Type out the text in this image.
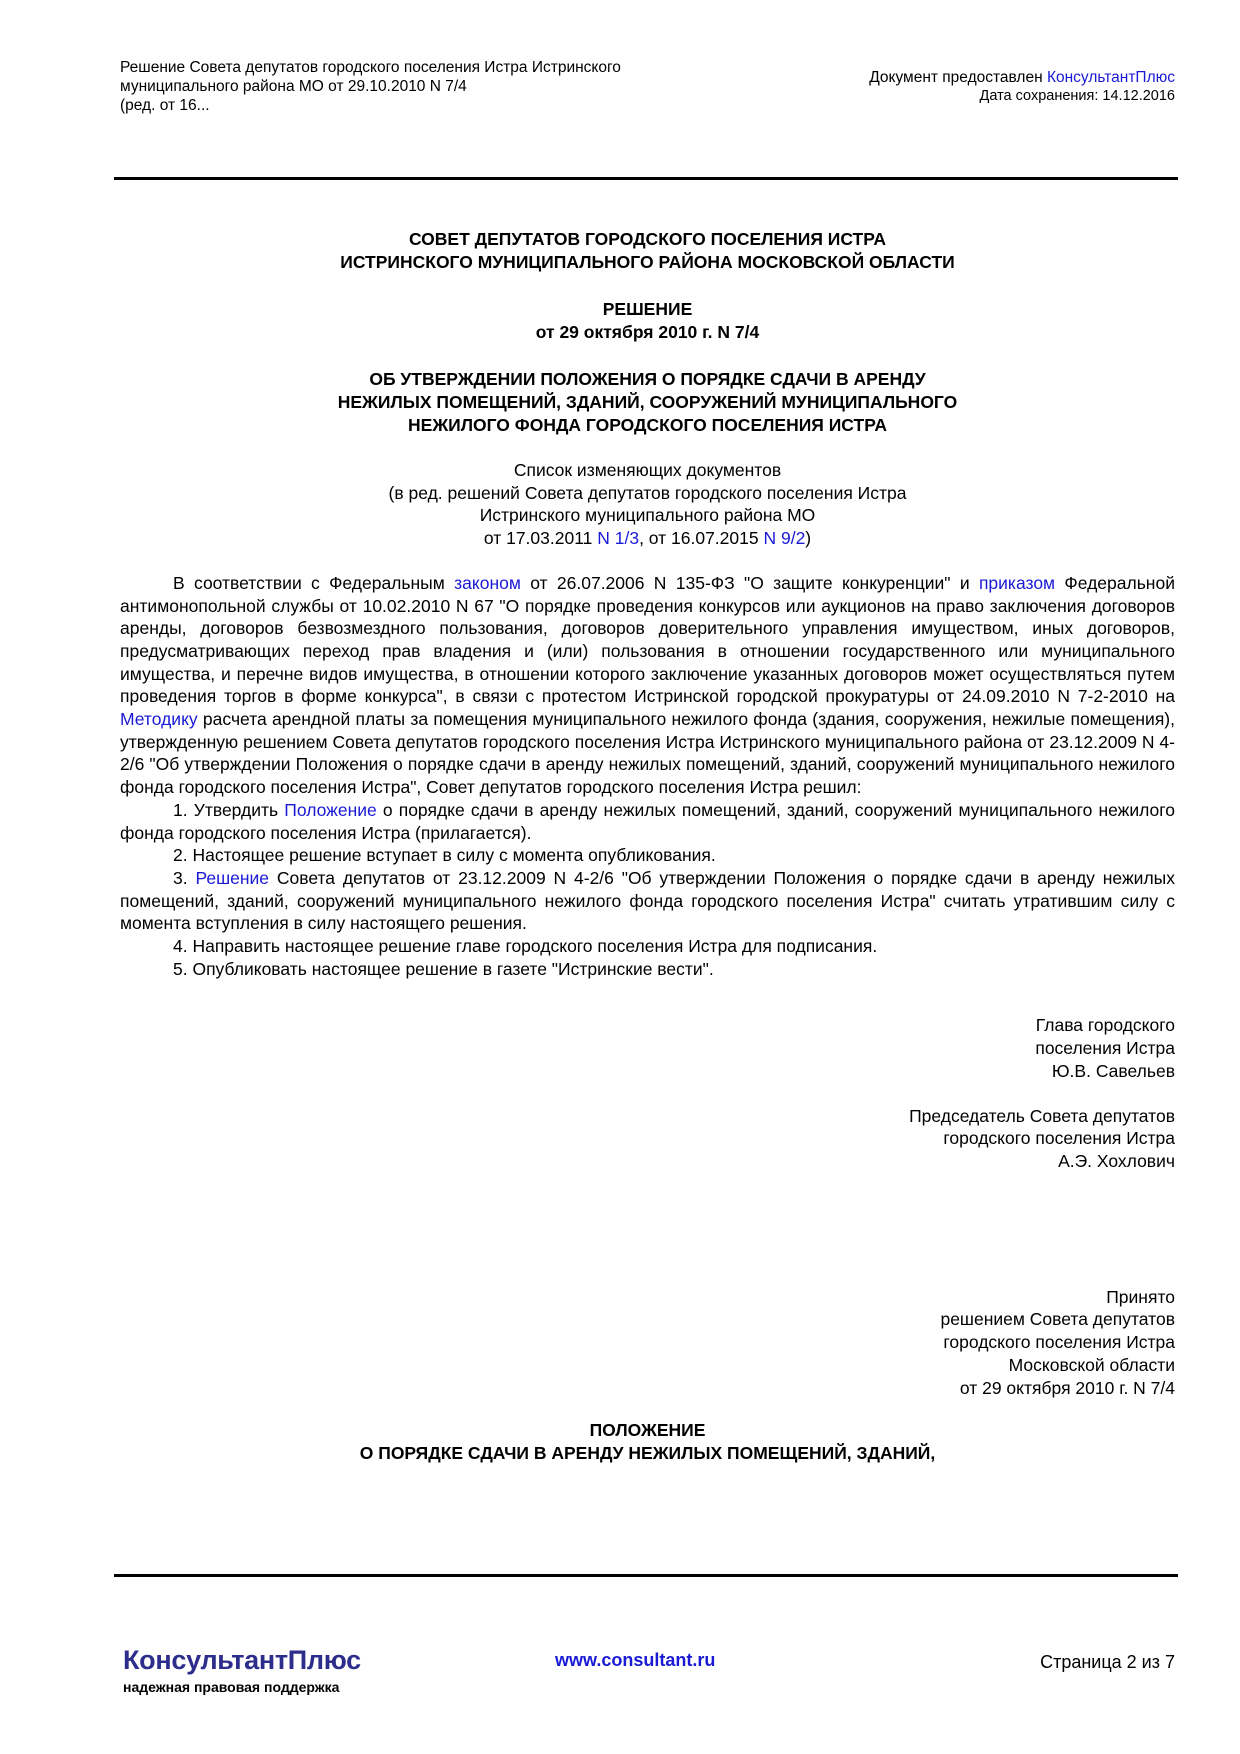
Решение Совета депутатов городского поселения Истра Истринского
муниципального района МО от 29.10.2010 N 7/4
(ред. от 16...
Документ предоставлен КонсультантПлюс
Дата сохранения: 14.12.2016

СОВЕТ ДЕПУТАТОВ ГОРОДСКОГО ПОСЕЛЕНИЯ ИСТРА

ИСТРИНСКОГО МУНИЦИПАЛЬНОГО РАЙОНА МОСКОВСКОЙ ОБЛАСТИ

РЕШЕНИЕ

от 29 октября 2010 г. N 7/4

ОБ УТВЕРЖДЕНИИ ПОЛОЖЕНИЯ О ПОРЯДКЕ СДАЧИ В АРЕНДУ

НЕЖИЛЫХ ПОМЕЩЕНИЙ, ЗДАНИЙ, СООРУЖЕНИЙ МУНИЦИПАЛЬНОГО

НЕЖИЛОГО ФОНДА ГОРОДСКОГО ПОСЕЛЕНИЯ ИСТРА

Список изменяющих документов
(в ред. решений Совета депутатов городского поселения Истра
Истринского муниципального района МО
от 17.03.2011 N 1/3, от 16.07.2015 N 9/2)

В соответствии с Федеральным законом от 26.07.2006 N 135-ФЗ "О защите конкуренции" и приказом Федеральной антимонопольной службы от 10.02.2010 N 67 "О порядке проведения конкурсов или аукционов на право заключения договоров аренды, договоров безвозмездного пользования, договоров доверительного управления имуществом, иных договоров, предусматривающих переход прав владения и (или) пользования в отношении государственного или муниципального имущества, и перечне видов имущества, в отношении которого заключение указанных договоров может осуществляться путем проведения торгов в форме конкурса", в связи с протестом Истринской городской прокуратуры от 24.09.2010 N 7-2-2010 на Методику расчета арендной платы за помещения муниципального нежилого фонда (здания, сооружения, нежилые помещения), утвержденную решением Совета депутатов городского поселения Истра Истринского муниципального района от 23.12.2009 N 4-2/6 "Об утверждении Положения о порядке сдачи в аренду нежилых помещений, зданий, сооружений муниципального нежилого фонда городского поселения Истра", Совет депутатов городского поселения Истра решил:

1. Утвердить Положение о порядке сдачи в аренду нежилых помещений, зданий, сооружений муниципального нежилого фонда городского поселения Истра (прилагается).

2. Настоящее решение вступает в силу с момента опубликования.

3. Решение Совета депутатов от 23.12.2009 N 4-2/6 "Об утверждении Положения о порядке сдачи в аренду нежилых помещений, зданий, сооружений муниципального нежилого фонда городского поселения Истра" считать утратившим силу с момента вступления в силу настоящего решения.

4. Направить настоящее решение главе городского поселения Истра для подписания.

5. Опубликовать настоящее решение в газете "Истринские вести".

Глава городского
поселения Истра
Ю.В. Савельев
Председатель Совета депутатов
городского поселения Истра
А.Э. Хохлович
Принято
решением Совета депутатов
городского поселения Истра
Московской области
от 29 октября 2010 г. N 7/4
ПОЛОЖЕНИЕ
О ПОРЯДКЕ СДАЧИ В АРЕНДУ НЕЖИЛЫХ ПОМЕЩЕНИЙ, ЗДАНИЙ,
КонсультантПлюс
надежная правовая поддержка
www.consultant.ru	Страница 2 из 7
